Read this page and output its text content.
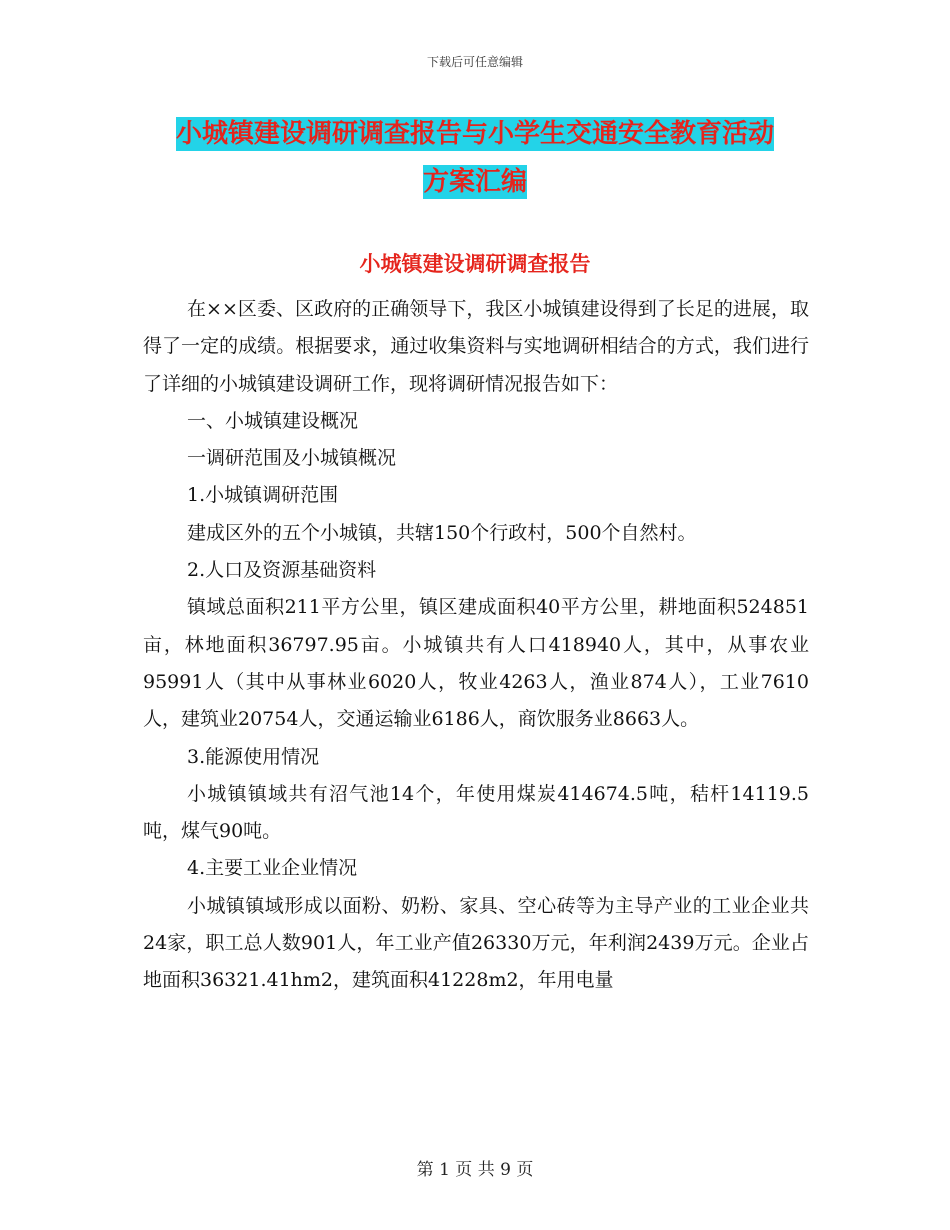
下载后可任意编辑
小城镇建设调研调查报告与小学生交通安全教育活动
方案汇编
小城镇建设调研调查报告

在××区委、区政府的正确领导下，我区小城镇建设得到了长足的进展，取得了一定的成绩。根据要求，通过收集资料与实地调研相结合的方式，我们进行了详细的小城镇建设调研工作，现将调研情况报告如下：

一、小城镇建设概况

一调研范围及小城镇概况

1.小城镇调研范围

建成区外的五个小城镇，共辖150个行政村，500个自然村。

2.人口及资源基础资料

镇域总面积211平方公里，镇区建成面积40平方公里，耕地面积524851亩，林地面积36797.95亩。小城镇共有人口418940人，其中，从事农业95991人（其中从事林业6020人，牧业4263人，渔业874人），工业7610人，建筑业20754人，交通运输业6186人，商饮服务业8663人。

3.能源使用情况

小城镇镇域共有沼气池14个，年使用煤炭414674.5吨，秸杆14119.5吨，煤气90吨。

4.主要工业企业情况

小城镇镇域形成以面粉、奶粉、家具、空心砖等为主导产业的工业企业共24家，职工总人数901人，年工业产值26330万元，年利润2439万元。企业占地面积36321.41hm2，建筑面积41228m2，年用电量

第 1 页 共 9 页
